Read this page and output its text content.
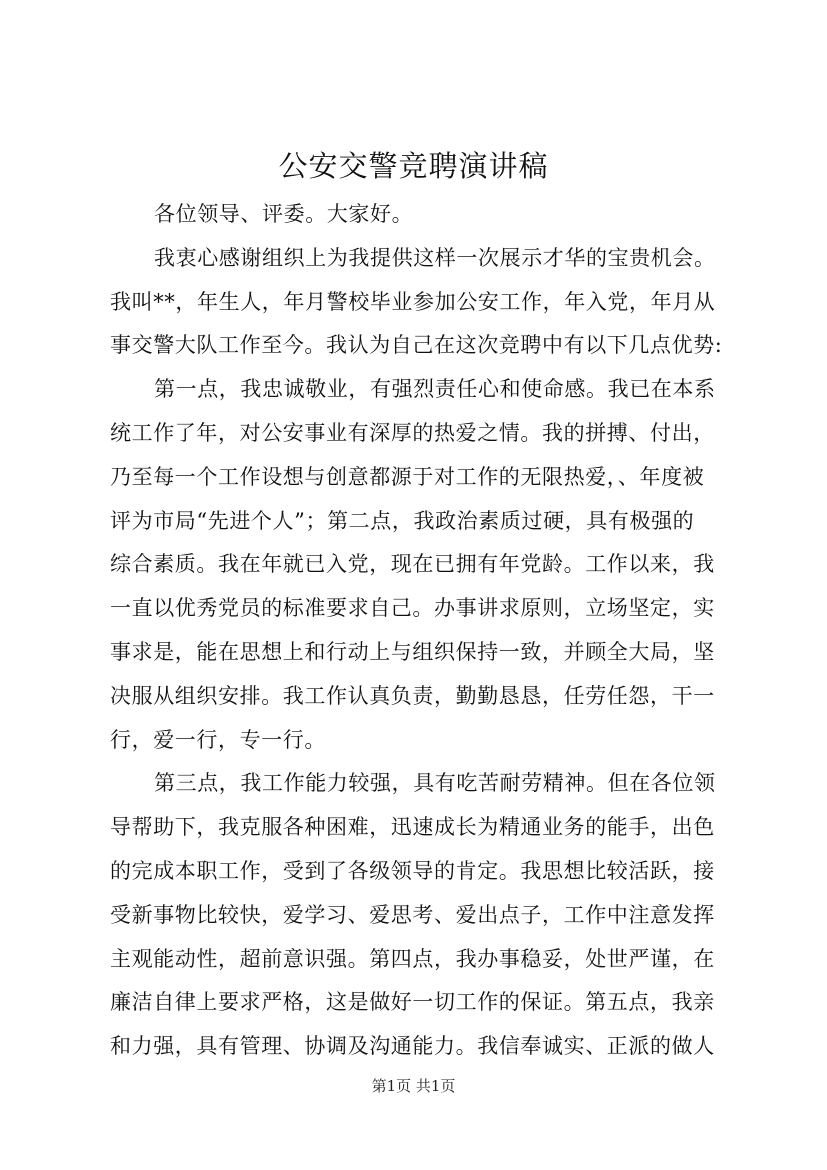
公安交警竞聘演讲稿
各位领导、评委。大家好。
我衷心感谢组织上为我提供这样一次展示才华的宝贵机会。
我叫**，年生人，年月警校毕业参加公安工作，年入党，年月从
事交警大队工作至今。我认为自己在这次竞聘中有以下几点优势:
第一点，我忠诚敬业，有强烈责任心和使命感。我已在本系
统工作了年，对公安事业有深厚的热爱之情。我的拼搏、付出，
乃至每一个工作设想与创意都源于对工作的无限热爱，、年度被
评为市局“先进个人”；第二点，我政治素质过硬，具有极强的
综合素质。我在年就已入党，现在已拥有年党龄。工作以来，我
一直以优秀党员的标准要求自己。办事讲求原则，立场坚定，实
事求是，能在思想上和行动上与组织保持一致，并顾全大局，坚
决服从组织安排。我工作认真负责，勤勤恳恳，任劳任怨，干一
行，爱一行，专一行。
第三点，我工作能力较强，具有吃苦耐劳精神。但在各位领
导帮助下，我克服各种困难，迅速成长为精通业务的能手，出色
的完成本职工作，受到了各级领导的肯定。我思想比较活跃，接
受新事物比较快，爱学习、爱思考、爱出点子，工作中注意发挥
主观能动性，超前意识强。第四点，我办事稳妥，处世严谨，在
廉洁自律上要求严格，这是做好一切工作的保证。第五点，我亲
和力强，具有管理、协调及沟通能力。我信奉诚实、正派的做人
第1页 共1页
